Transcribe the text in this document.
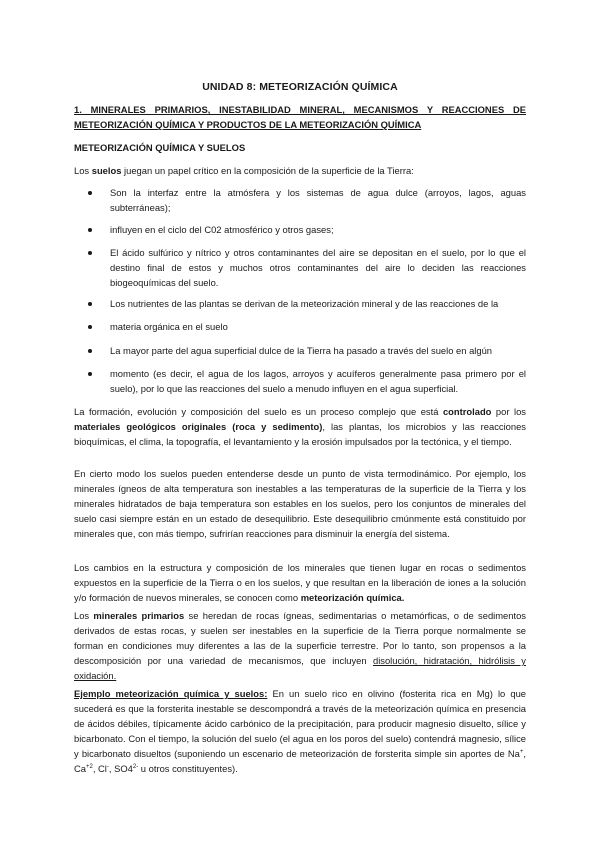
UNIDAD 8: METEORIZACIÓN QUÍMICA
1. MINERALES PRIMARIOS, INESTABILIDAD MINERAL, MECANISMOS Y REACCIONES DE METEORIZACIÓN QUÍMICA Y PRODUCTOS DE LA METEORIZACIÓN QUÍMICA
METEORIZACIÓN QUÍMICA Y SUELOS
Los suelos juegan un papel crítico en la composición de la superficie de la Tierra:
Son la interfaz entre la atmósfera y los sistemas de agua dulce (arroyos, lagos, aguas subterráneas);
influyen en el ciclo del C02 atmosférico y otros gases;
El ácido sulfúrico y nítrico y otros contaminantes del aire se depositan en el suelo, por lo que el destino final de estos y muchos otros contaminantes del aire lo deciden las reacciones biogeoquímicas del suelo.
Los nutrientes de las plantas se derivan de la meteorización mineral y de las reacciones de la
materia orgánica en el suelo
La mayor parte del agua superficial dulce de la Tierra ha pasado a través del suelo en algún
momento (es decir, el agua de los lagos, arroyos y acuíferos generalmente pasa primero por el suelo), por lo que las reacciones del suelo a menudo influyen en el agua superficial.
La formación, evolución y composición del suelo es un proceso complejo que está controlado por los materiales geológicos originales (roca y sedimento), las plantas, los microbios y las reacciones bioquímicas, el clima, la topografía, el levantamiento y la erosión impulsados por la tectónica, y el tiempo.
En cierto modo los suelos pueden entenderse desde un punto de vista termodinámico. Por ejemplo, los minerales ígneos de alta temperatura son inestables a las temperaturas de la superficie de la Tierra y los minerales hidratados de baja temperatura son estables en los suelos, pero los conjuntos de minerales del suelo casi siempre están en un estado de desequilibrio. Este desequilibrio cmúnmente está constituido por minerales que, con más tiempo, sufrirían reacciones para disminuir la energía del sistema.
Los cambios en la estructura y composición de los minerales que tienen lugar en rocas o sedimentos expuestos en la superficie de la Tierra o en los suelos, y que resultan en la liberación de iones a la solución y/o formación de nuevos minerales, se conocen como meteorización química.
Los minerales primarios se heredan de rocas ígneas, sedimentarias o metamórficas, o de sedimentos derivados de estas rocas, y suelen ser inestables en la superficie de la Tierra porque normalmente se forman en condiciones muy diferentes a las de la superficie terrestre. Por lo tanto, son propensos a la descomposición por una variedad de mecanismos, que incluyen disolución, hidratación, hidrólisis y oxidación.
Ejemplo meteorización química y suelos: En un suelo rico en olivino (fosterita rica en Mg) lo que sucederá es que la forsterita inestable se descompondrá a través de la meteorización química en presencia de ácidos débiles, típicamente ácido carbónico de la precipitación, para producir magnesio disuelto, sílice y bicarbonato. Con el tiempo, la solución del suelo (el agua en los poros del suelo) contendrá magnesio, sílice y bicarbonato disueltos (suponiendo un escenario de meteorización de forsterita simple sin aportes de Na+, $Ca^{+2}$, Cl-, $SO4^{2-}$ u otros constituyentes).
